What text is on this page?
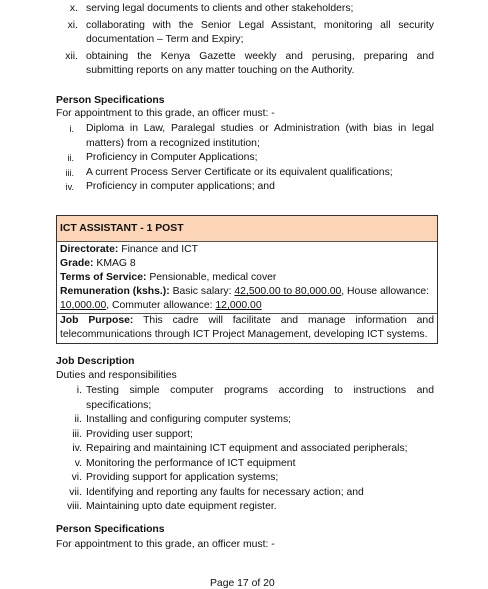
x. serving legal documents to clients and other stakeholders;
xi. collaborating with the Senior Legal Assistant, monitoring all security documentation – Term and Expiry;
xii. obtaining the Kenya Gazette weekly and perusing, preparing and submitting reports on any matter touching on the Authority.
Person Specifications
For appointment to this grade, an officer must: -
i. Diploma in Law, Paralegal studies or Administration (with bias in legal matters) from a recognized institution;
ii. Proficiency in Computer Applications;
iii. A current Process Server Certificate or its equivalent qualifications;
iv. Proficiency in computer applications; and
ICT ASSISTANT - 1 POST
Directorate: Finance and ICT
Grade: KMAG 8
Terms of Service: Pensionable, medical cover
Remuneration (kshs.): Basic salary: 42,500.00 to 80,000.00, House allowance: 10,000.00, Commuter allowance: 12,000.00
Job Purpose: This cadre will facilitate and manage information and telecommunications through ICT Project Management, developing ICT systems.
Job Description
Duties and responsibilities
i. Testing simple computer programs according to instructions and specifications;
ii. Installing and configuring computer systems;
iii. Providing user support;
iv. Repairing and maintaining ICT equipment and associated peripherals;
v. Monitoring the performance of ICT equipment
vi. Providing support for application systems;
vii. Identifying and reporting any faults for necessary action; and
viii. Maintaining upto date equipment register.
Person Specifications
For appointment to this grade, an officer must: -
Page 17 of 20
